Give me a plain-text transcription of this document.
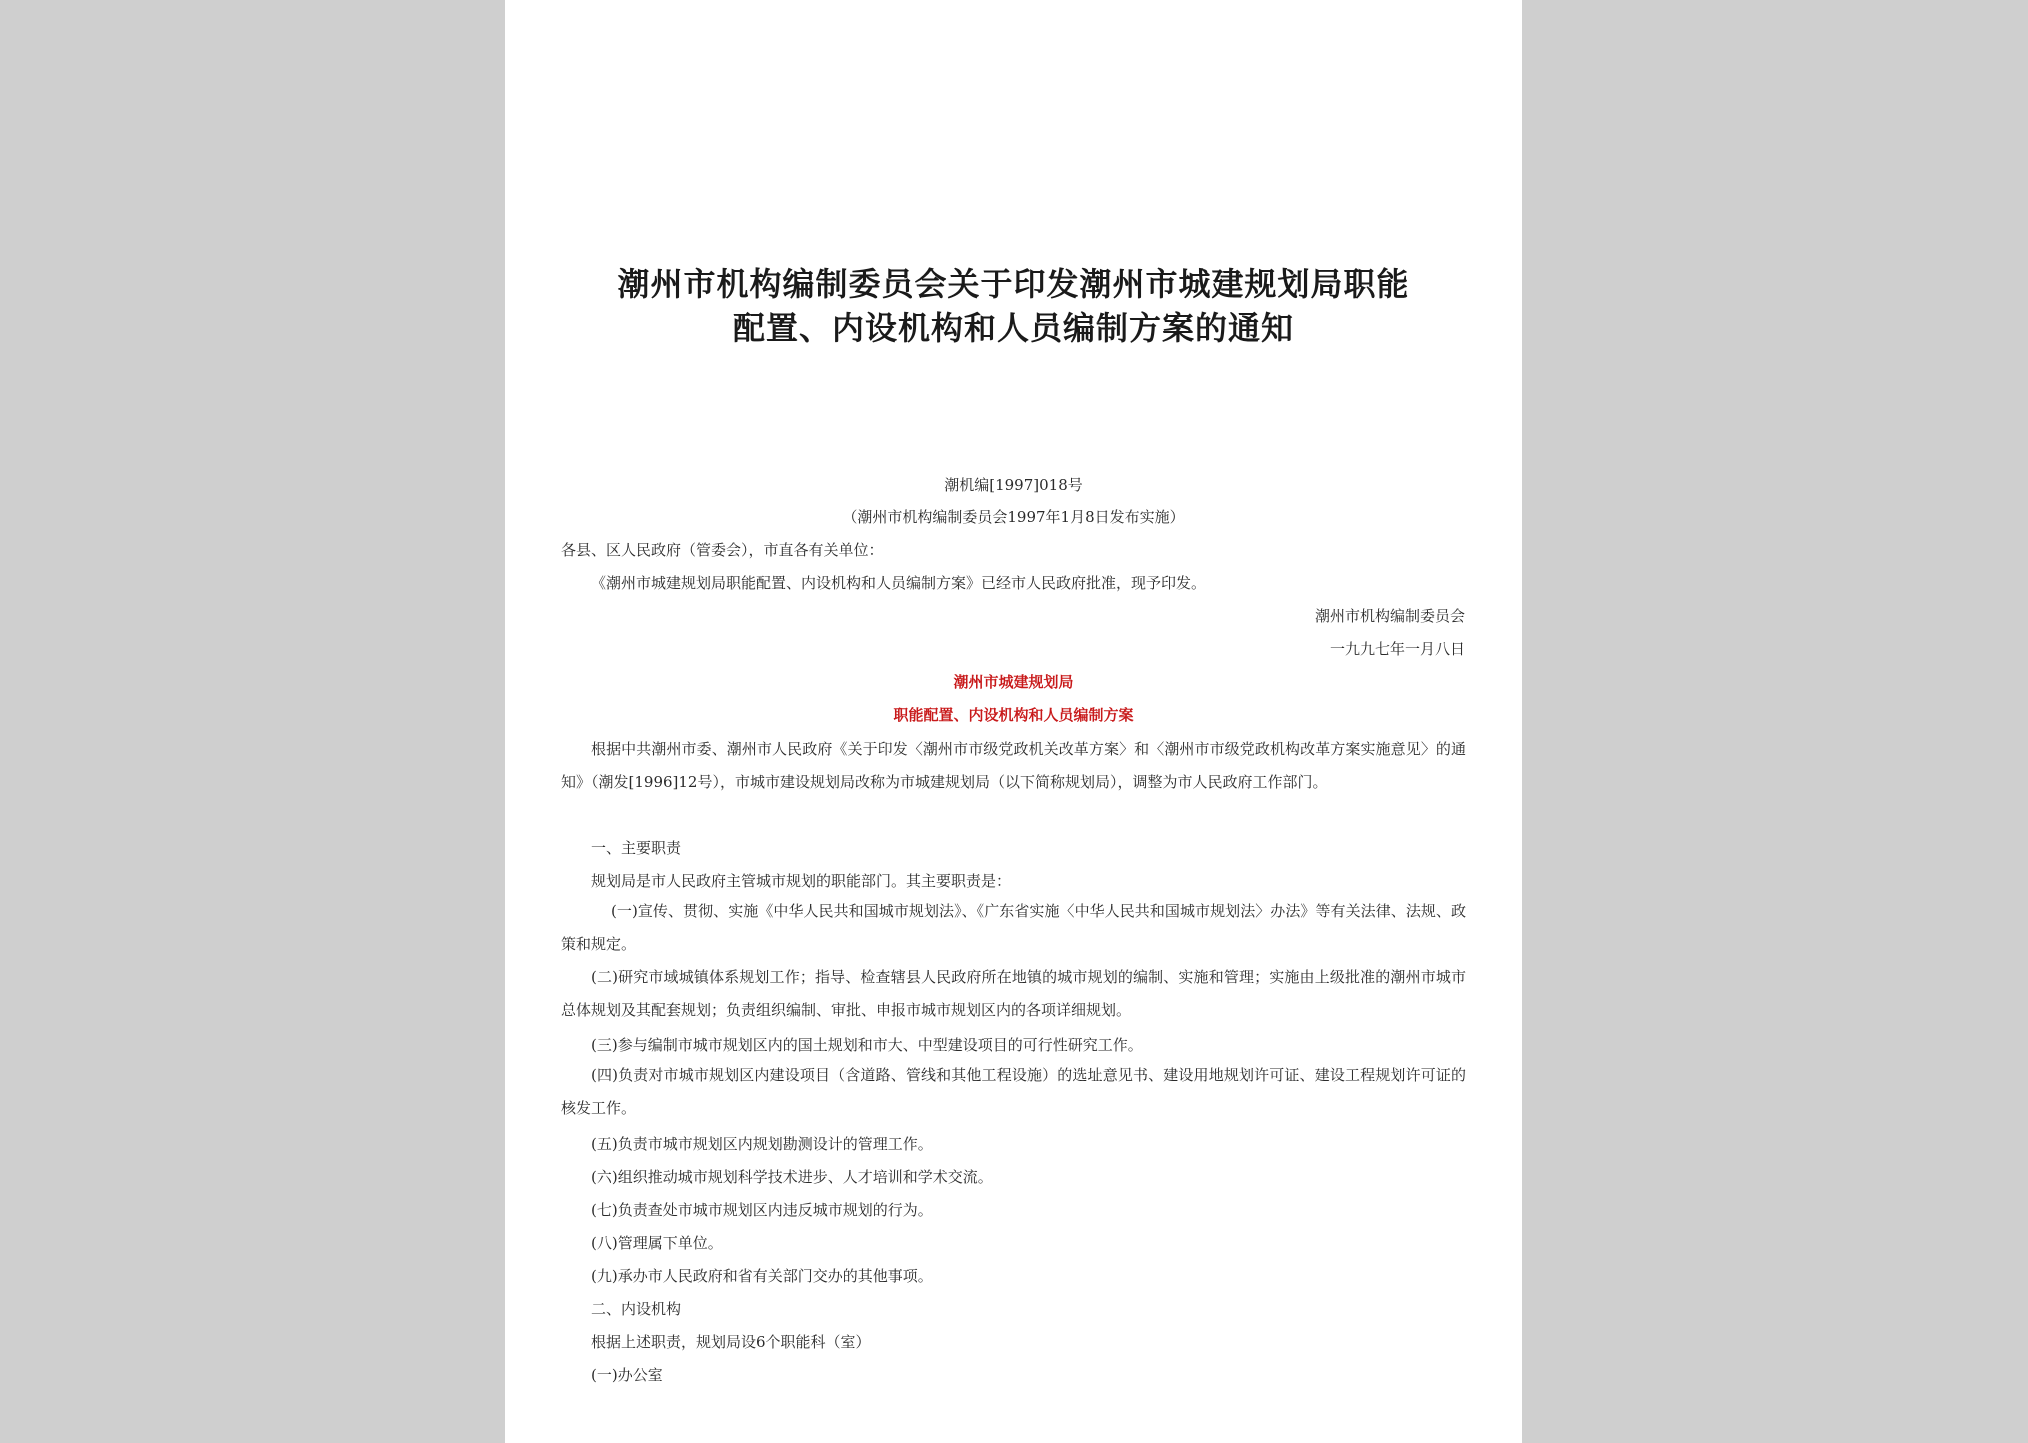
潮州市机构编制委员会关于印发潮州市城建规划局职能
配置、内设机构和人员编制方案的通知
潮机编[1997]018号
（潮州市机构编制委员会1997年1月8日发布实施）
各县、区人民政府（管委会），市直各有关单位：
《潮州市城建规划局职能配置、内设机构和人员编制方案》已经市人民政府批准，现予印发。
潮州市机构编制委员会
一九九七年一月八日
潮州市城建规划局
职能配置、内设机构和人员编制方案
根据中共潮州市委、潮州市人民政府《关于印发〈潮州市市级党政机关改革方案〉和〈潮州市市级党政机构改革方案实施意见〉的通知》（潮发[1996]12号），市城市建设规划局改称为市城建规划局（以下简称规划局），调整为市人民政府工作部门。
一、主要职责
规划局是市人民政府主管城市规划的职能部门。其主要职责是：
(一)宣传、贯彻、实施《中华人民共和国城市规划法》、《广东省实施〈中华人民共和国城市规划法〉办法》等有关法律、法规、政策和规定。
(二)研究市域城镇体系规划工作；指导、检查辖县人民政府所在地镇的城市规划的编制、实施和管理；实施由上级批准的潮州市城市总体规划及其配套规划；负责组织编制、审批、申报市城市规划区内的各项详细规划。
(三)参与编制市城市规划区内的国土规划和市大、中型建设项目的可行性研究工作。
(四)负责对市城市规划区内建设项目（含道路、管线和其他工程设施）的选址意见书、建设用地规划许可证、建设工程规划许可证的核发工作。
(五)负责市城市规划区内规划勘测设计的管理工作。
(六)组织推动城市规划科学技术进步、人才培训和学术交流。
(七)负责查处市城市规划区内违反城市规划的行为。
(八)管理属下单位。
(九)承办市人民政府和省有关部门交办的其他事项。
二、内设机构
根据上述职责，规划局设6个职能科（室）
(一)办公室
